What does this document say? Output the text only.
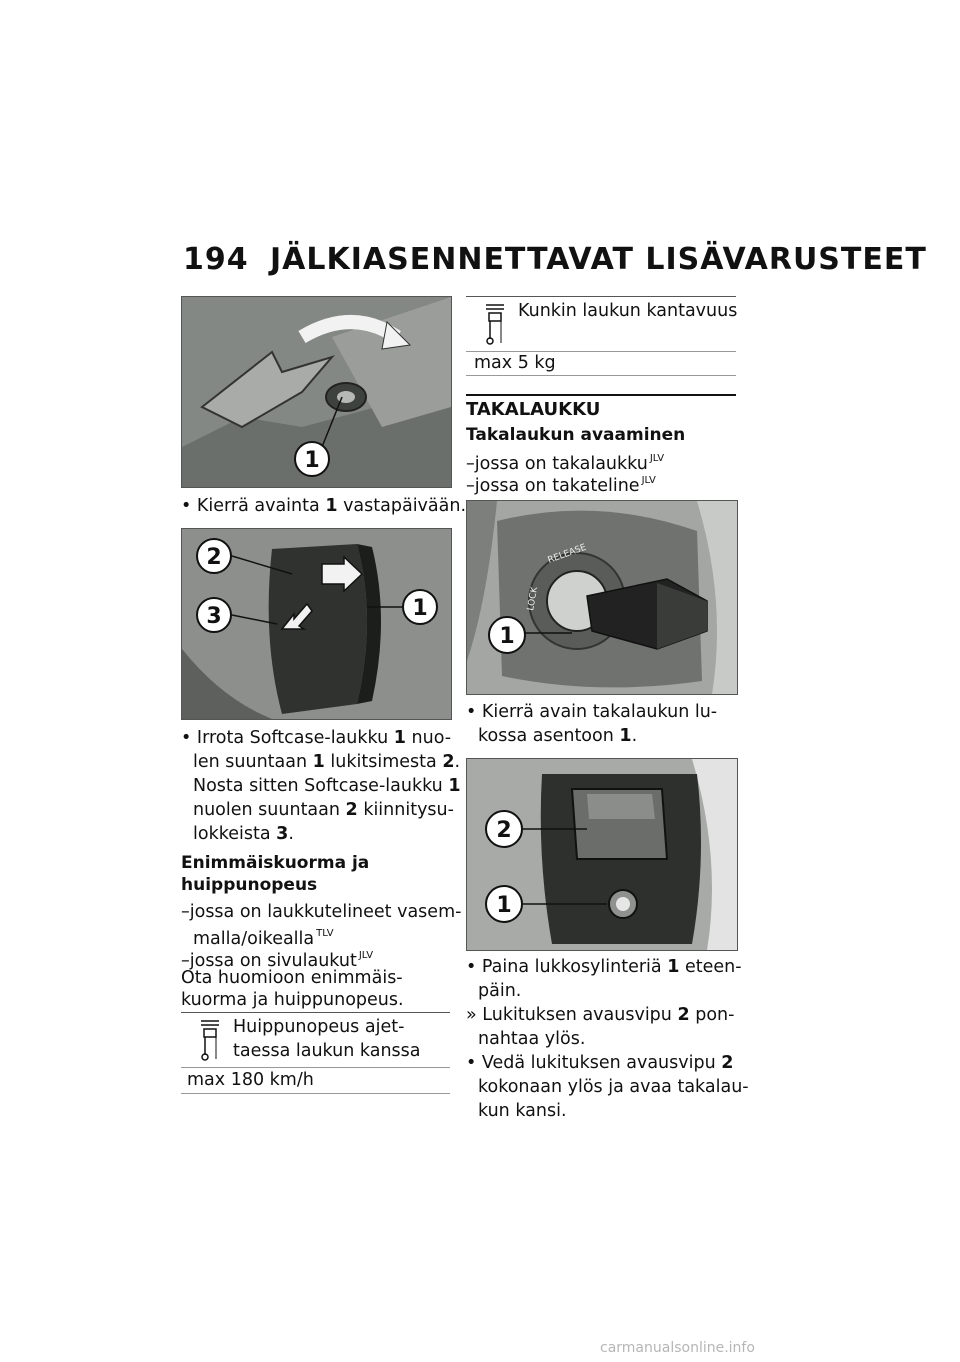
194 JÄLKIASENNETTAVAT LISÄVARUSTEET
1
• Kierrä avainta 1 vastapäivään.
2
3	1
• Irrota Softcase-laukku 1 nuo-
len suuntaan 1 lukitsimesta 2.
Nosta sitten Softcase-laukku 1
nuolen suuntaan 2 kiinnitysu-
lokkeista 3.
Enimmäiskuorma ja
huippunopeus
–jossa on laukkutelineet vasem-
malla/oikealla $^{TLV}$
–jossa on sivulaukut $^{JLV}$
Ota huomioon enimmäis-
kuorma ja huippunopeus.
Huippunopeus ajet-
taessa laukun kanssa
max 180 km/h
Kunkin laukun kantavuus
max 5 kg
TAKALAUKKU
Takalaukun avaaminen
–jossa on takalaukku $^{JLV}$
–jossa on takateline $^{JLV}$
RELEASE
LOCK
1
• Kierrä avain takalaukun lu-
kossa asentoon 1.
2
1
• Paina lukkosylinteriä 1 eteen-
päin.
» Lukituksen avausvipu 2 pon-
nahtaa ylös.
• Vedä lukituksen avausvipu 2
kokonaan ylös ja avaa takalau-
kun kansi.
carmanualsonline.info
